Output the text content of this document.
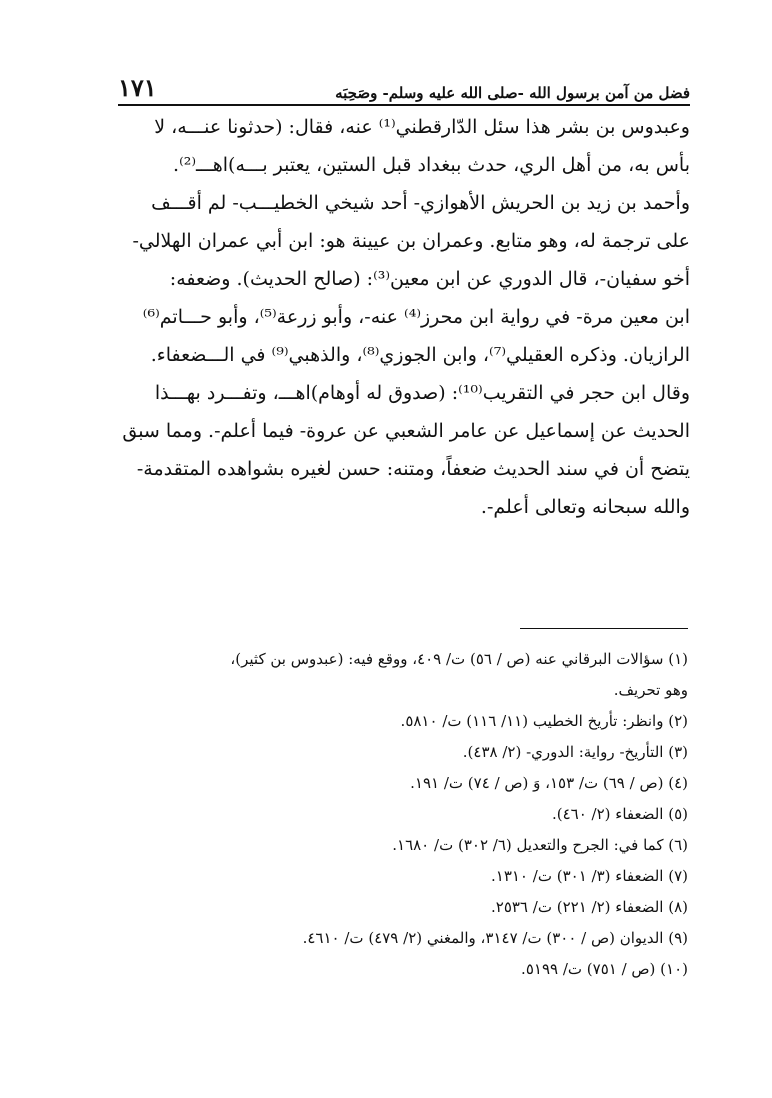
١٧١	فضل من آمن برسول الله -صلى الله عليه وسلم- وصَحِبَه
وعبدوس بن بشر هذا سئل الدّارقطني⁽¹⁾ عنه، فقال: (حدثونا عنـــه، لا
بأس به، من أهل الري، حدث ببغداد قبل الستين، يعتبر بـــه)اهـــ⁽²⁾.
وأحمد بن زيد بن الحريش الأهوازي- أحد شيخي الخطيـــب- لم أقـــف
على ترجمة له، وهو متابع. وعمران بن عيينة هو: ابن أبي عمران الهلالي-
أخو سفيان-، قال الدوري عن ابن معين⁽³⁾: (صالح الحديث). وضعفه:
ابن معين مرة- في رواية ابن محرز⁽⁴⁾ عنه-، وأبو زرعة⁽⁵⁾، وأبو حـــاتم⁽⁶⁾
الرازيان. وذكره العقيلي⁽⁷⁾، وابن الجوزي⁽⁸⁾، والذهبي⁽⁹⁾ في الـــضعفاء.
وقال ابن حجر في التقريب⁽¹⁰⁾: (صدوق له أوهام)اهـــ، وتفـــرد بهـــذا
الحديث عن إسماعيل عن عامر الشعبي عن عروة- فيما أعلم-. ومما سبق
يتضح أن في سند الحديث ضعفاً، ومتنه: حسن لغيره بشواهده المتقدمة-
والله سبحانه وتعالى أعلم-.
(١) سؤالات البرقاني عنه (ص / ٥٦) ت/ ٤٠٩، ووقع فيه: (عبدوس بن كثير)،
وهو تحريف.
(٢) وانظر: تأريخ الخطيب (١١/ ١١٦) ت/ ٥٨١٠.
(٣) التأريخ- رواية: الدوري- (٢/ ٤٣٨).
(٤) (ص / ٦٩) ت/ ١٥٣، وَ (ص / ٧٤) ت/ ١٩١.
(٥) الضعفاء (٢/ ٤٦٠).
(٦) كما في: الجرح والتعديل (٦/ ٣٠٢) ت/ ١٦٨٠.
(٧) الضعفاء (٣/ ٣٠١) ت/ ١٣١٠.
(٨) الضعفاء (٢/ ٢٢١) ت/ ٢٥٣٦.
(٩) الديوان (ص / ٣٠٠) ت/ ٣١٤٧، والمغني (٢/ ٤٧٩) ت/ ٤٦١٠.
(١٠) (ص / ٧٥١) ت/ ٥١٩٩.
